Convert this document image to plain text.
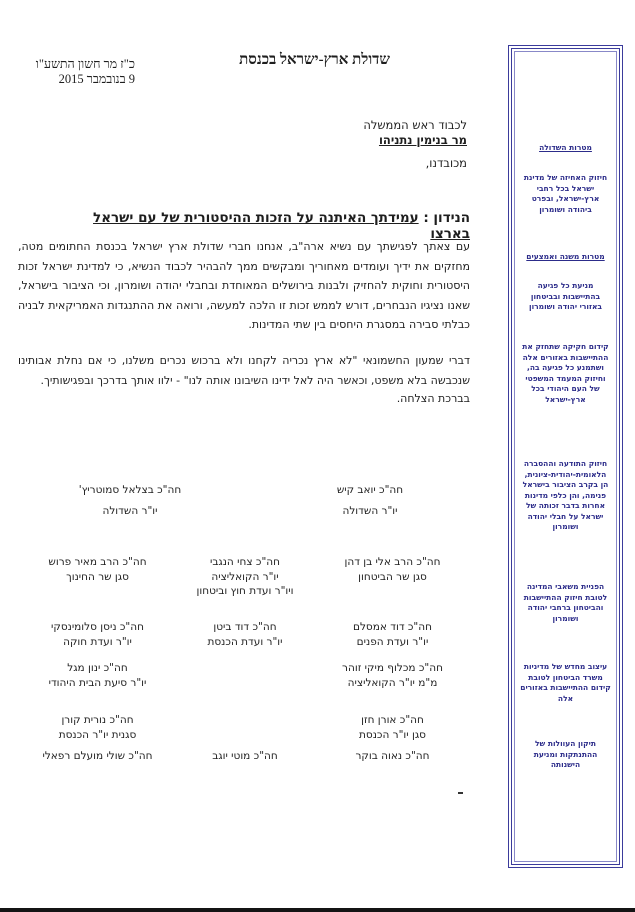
שדולת ארץ-ישראל בכנסת
כ"ז מר חשון התשע"ו
9 בנובמבר 2015
לכבוד ראש הממשלה
מר בנימין נתניהו
מכובדנו,
הנידון : עמידתך האיתנה על הזכות ההיסטורית של עם ישראל בארצו
עם צאתך לפגישתך עם נשיא ארה"ב, אנחנו חברי שדולת ארץ ישראל בכנסת החתומים מטה, מחזקים את ידיך ועומדים מאחוריך ומבקשים ממך להבהיר לכבוד הנשיא, כי למדינת ישראל זכות היסטורית וחוקית להחזיק ולבנות בירושלים המאוחדת ובחבלי יהודה ושומרון, וכי הציבור בישראל, שאנו נציגיו הנבחרים, דורש לממש זכות זו הלכה למעשה, ורואה את ההתנגדות האמריקאית לבניה כבלתי סבירה במסגרת היחסים בין שתי המדינות.
דברי שמעון החשמונאי "לא ארץ נכריה לקחנו ולא ברכוש נכרים משלנו, כי אם נחלת אבותינו שנכבשה בלא משפט, וכאשר היה לאל ידינו השיבונו אותה לנו" - ילוו אותך בדרכך ובפגישותיך.
בברכת הצלחה.
חה"כ יואב קיש
יו"ר השדולה
חה"כ בצלאל סמוטריץ'
יו"ר השדולה
חה"כ הרב אלי בן דהן
סגן שר הביטחון
חה"כ צחי הנגבי
יו"ר הקואליציה
ויו"ר ועדת חוץ וביטחון
חה"כ הרב מאיר פרוש
סגן שר החינוך
חה"כ דוד אמסלם
יו"ר ועדת הפנים
חה"כ דוד ביטן
יו"ר ועדת הכנסת
חה"כ ניסן סלומינסקי
יו"ר ועדת חוקה
חה"כ מכלוף מיקי זוהר
מ"מ יו"ר הקואליציה
חה"כ ינון מגל
יו"ר סיעת הבית היהודי
חה"כ אורן חזן
סגן יו"ר הכנסת
חה"כ נורית קורן
סגנית יו"ר הכנסת
חה"כ נאוה בוקר
חה"כ מוטי יוגב
חה"כ שולי מועלם רפאלי
מטרות השדולה
חיזוק האחיזה של מדינת ישראל בכל רחבי ארץ-ישראל, ובפרט ביהודה ושומרון
מטרות משנה ואמצעים
מניעת כל פגיעה בהתיישבות ובביטחון באזורי יהודה ושומרון
קידום חקיקה שתחזק את ההתיישבות באזורים אלה ושתמנע כל פגיעה בה, וחיזוק המעמד המשפטי של העם היהודי בכל ארץ-ישראל
חיזוק התודעה וההסברה הלאומית-יהודית-ציונית, הן בקרב הציבור בישראל פנימה, והן כלפי מדינות אחרות בדבר זכותה של ישראל על חבלי יהודה ושומרון
הפניית משאבי המדינה לטובת חיזוק ההתיישבות והביטחון ברחבי יהודה ושומרון
עיצוב מחדש של מדיניות משרד הביטחון לטובת קידום ההתיישבות באזורים אלה
תיקון העוולות של ההתנתקות ומניעת הישנותה
